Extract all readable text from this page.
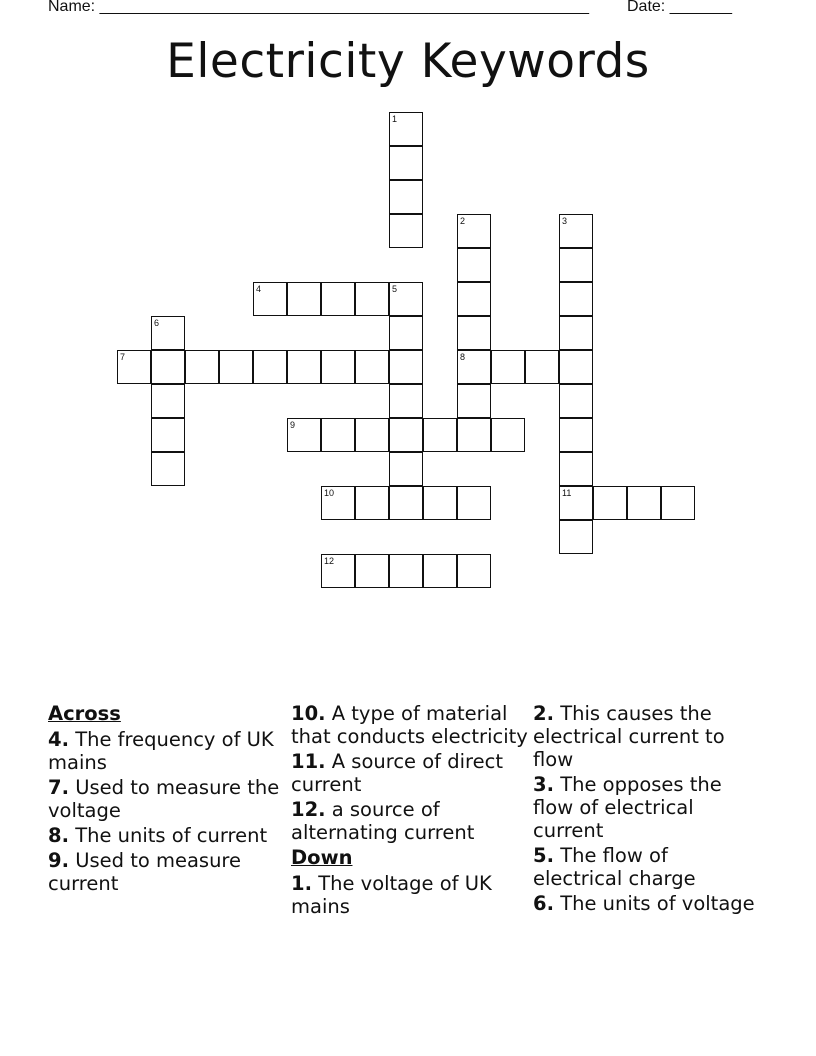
Name: _______________________________________________________ Date: _______
Electricity Keywords
1
2	3
4	5
6
7	8
9
10	11
12
Across
4. The frequency of UK mains
7. Used to measure the voltage
8. The units of current
9. Used to measure current
10. A type of material that conducts electricity
11. A source of direct current
12. a source of alternating current
Down
1. The voltage of UK mains
2. This causes the electrical current to flow
3. The opposes the flow of electrical current
5. The flow of electrical charge
6. The units of voltage
